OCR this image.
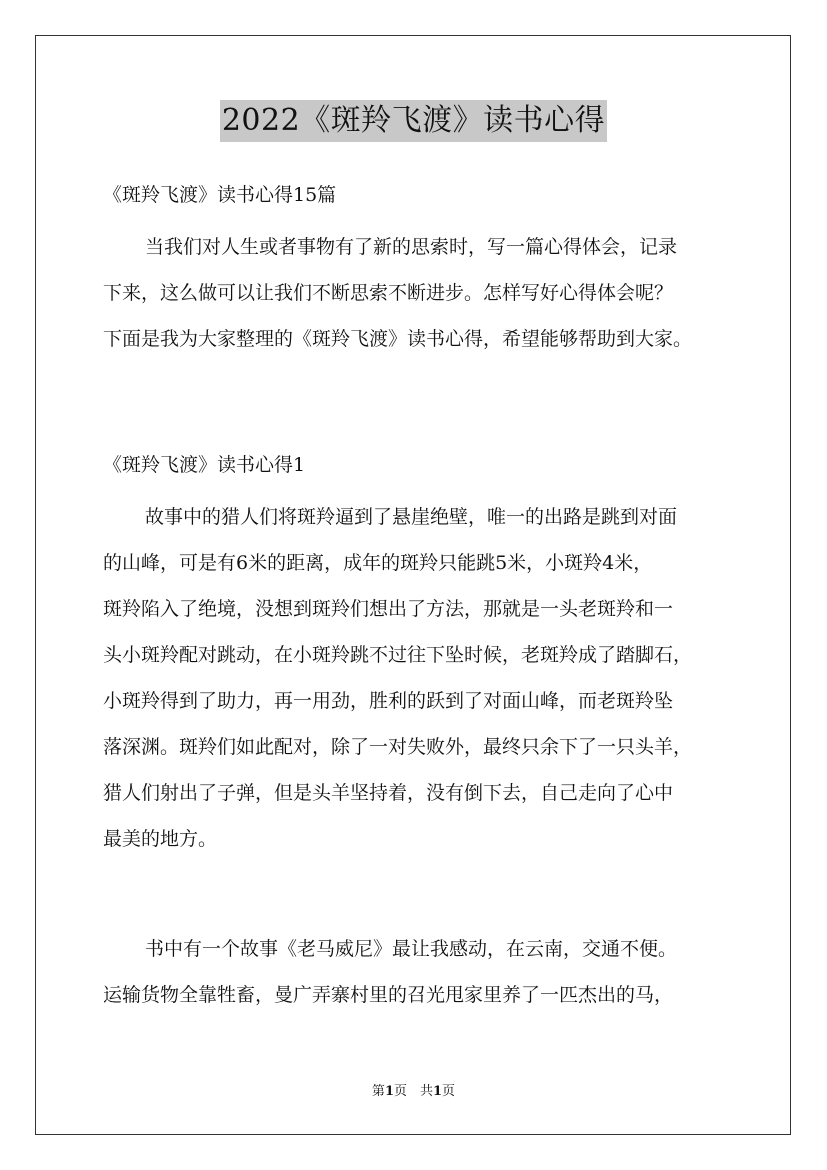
2022《斑羚飞渡》读书心得
《斑羚飞渡》读书心得15篇
当我们对人生或者事物有了新的思索时，写一篇心得体会，记录
下来，这么做可以让我们不断思索不断进步。怎样写好心得体会呢？
下面是我为大家整理的《斑羚飞渡》读书心得，希望能够帮助到大家。
《斑羚飞渡》读书心得1
故事中的猎人们将斑羚逼到了悬崖绝壁，唯一的出路是跳到对面
的山峰，可是有6米的距离，成年的斑羚只能跳5米，小斑羚4米，
斑羚陷入了绝境，没想到斑羚们想出了方法，那就是一头老斑羚和一
头小斑羚配对跳动，在小斑羚跳不过往下坠时候，老斑羚成了踏脚石，
小斑羚得到了助力，再一用劲，胜利的跃到了对面山峰，而老斑羚坠
落深渊。斑羚们如此配对，除了一对失败外，最终只余下了一只头羊，
猎人们射出了子弹，但是头羊坚持着，没有倒下去，自己走向了心中
最美的地方。
书中有一个故事《老马威尼》最让我感动，在云南，交通不便。
运输货物全靠牲畜，曼广弄寨村里的召光甩家里养了一匹杰出的马，
第1页　共1页
